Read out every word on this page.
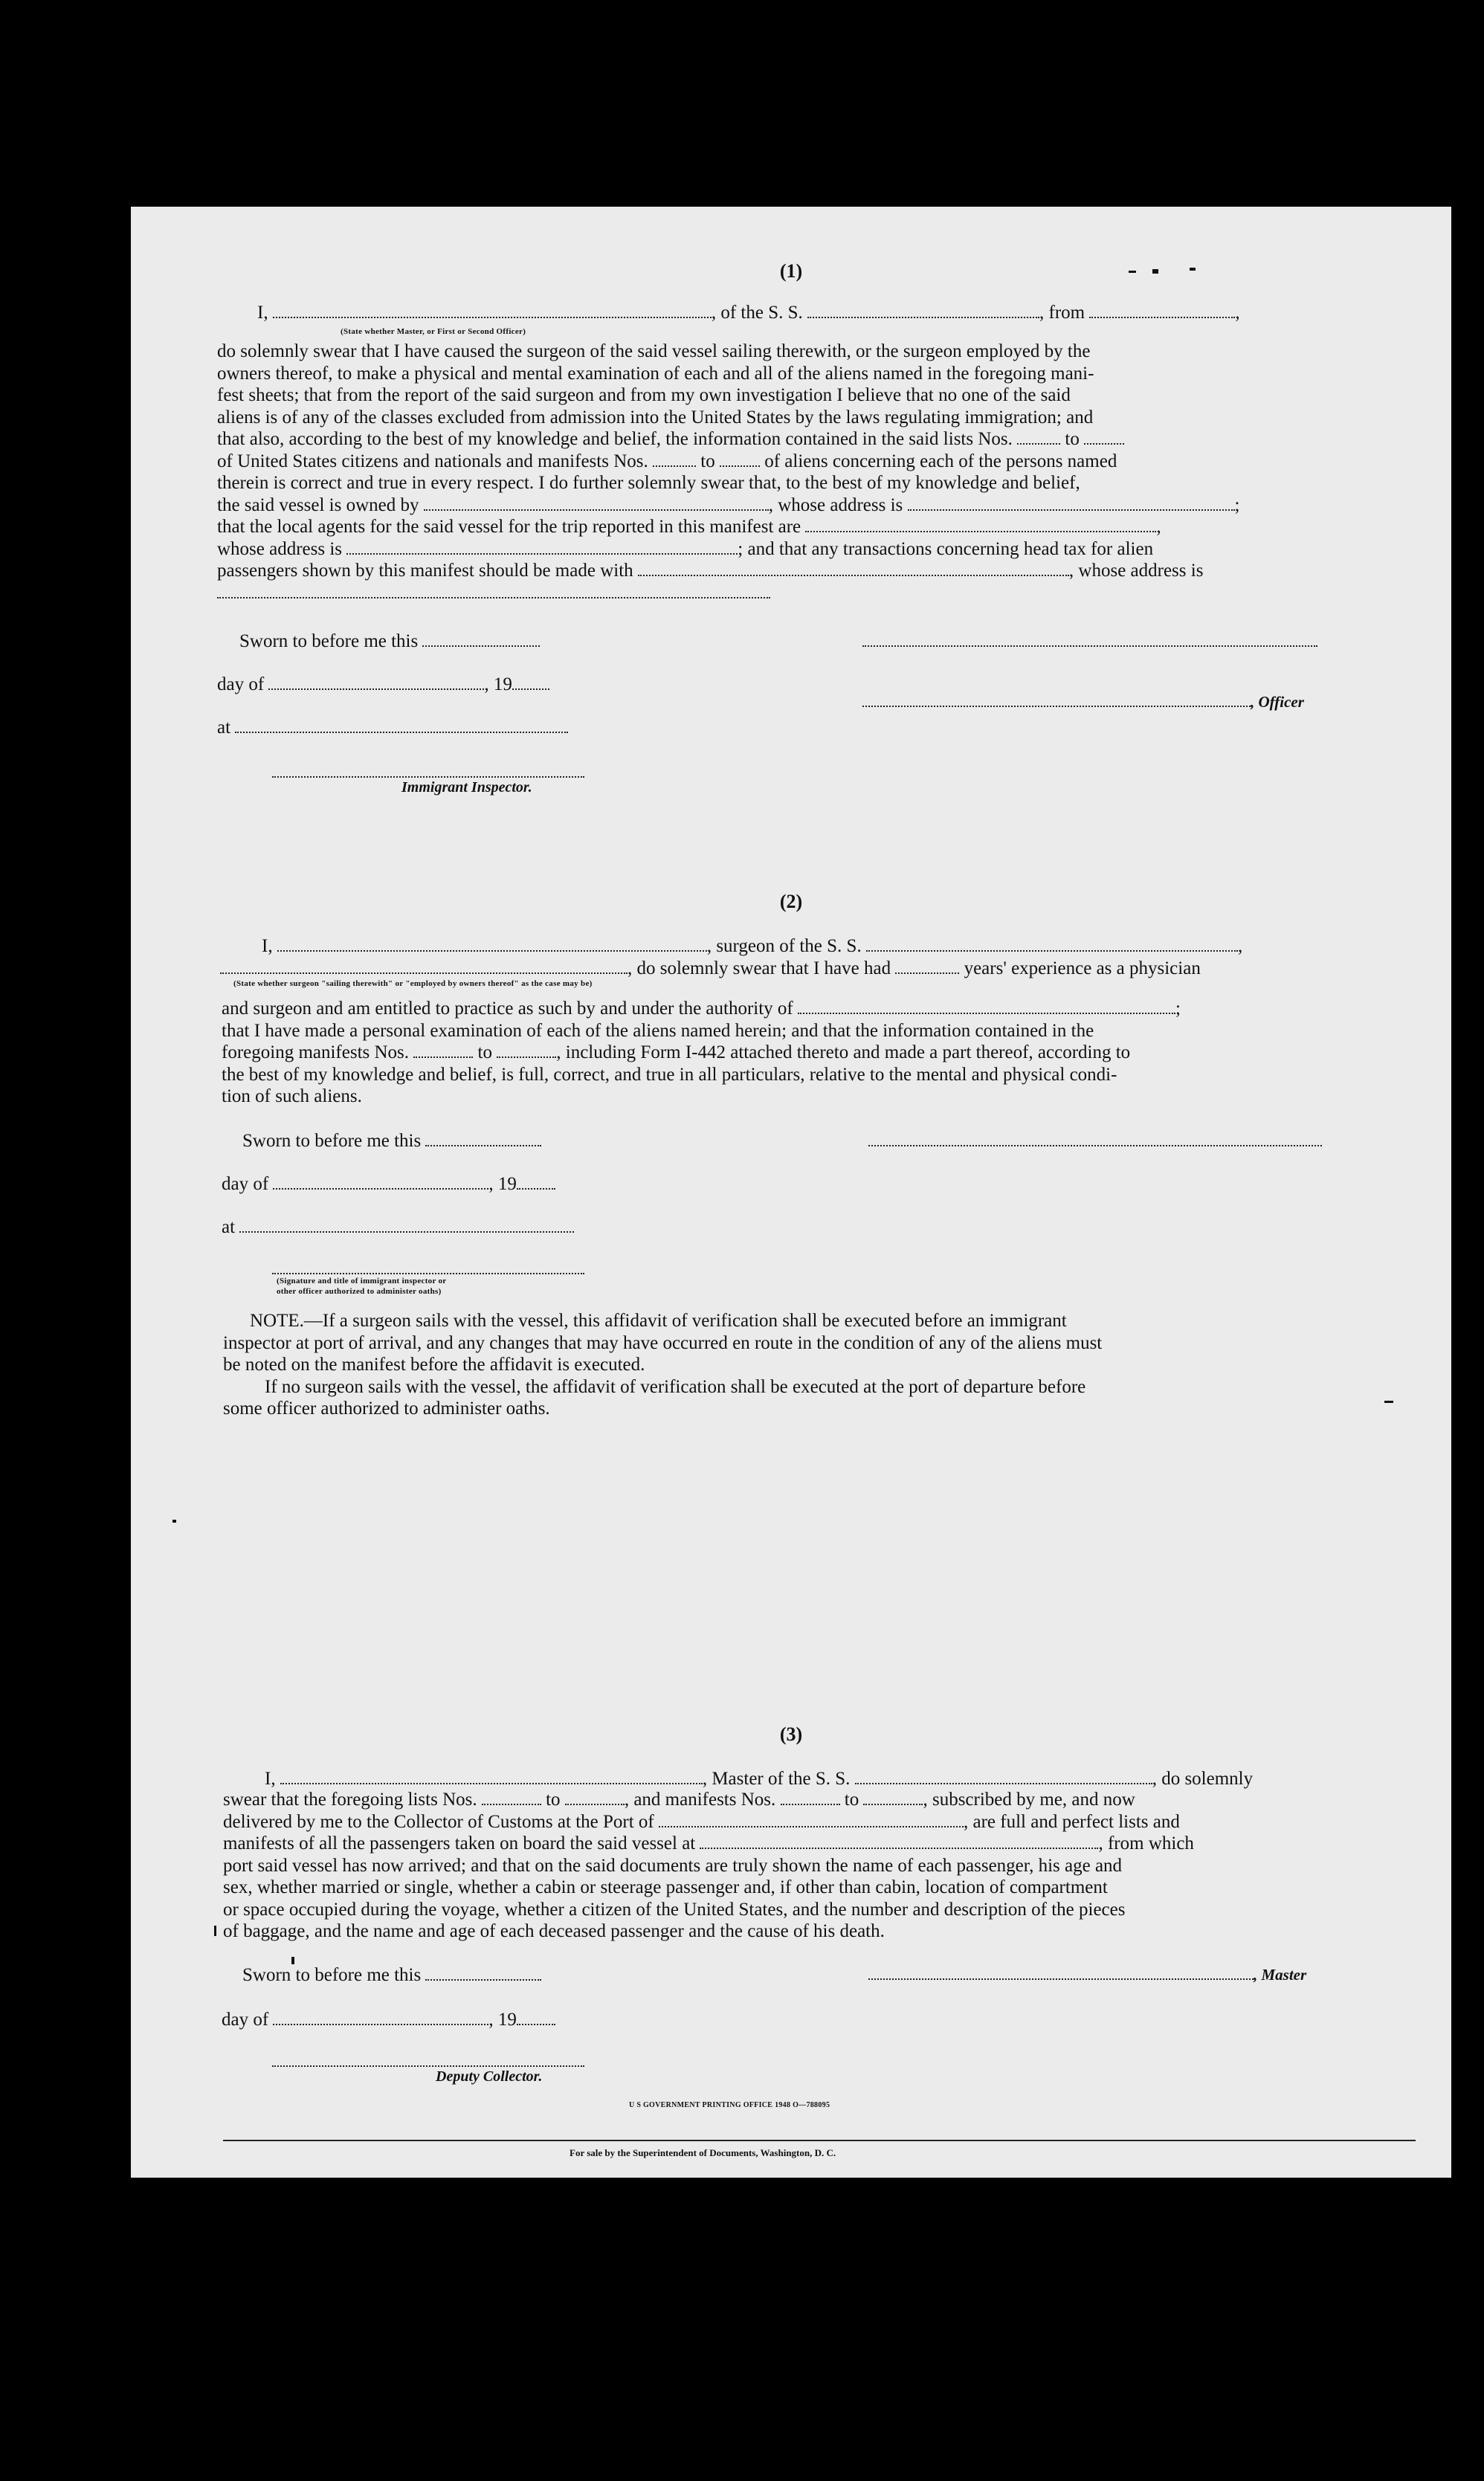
(1)
I,	, of the S. S.	, from	,
(State whether Master, or First or Second Officer)
do solemnly swear that I have caused the surgeon of the said vessel sailing therewith, or the surgeon employed by the
owners thereof, to make a physical and mental examination of each and all of the aliens named in the foregoing mani-
fest sheets; that from the report of the said surgeon and from my own investigation I believe that no one of the said
aliens is of any of the classes excluded from admission into the United States by the laws regulating immigration; and
that also, according to the best of my knowledge and belief, the information contained in the said lists Nos.	to
of United States citizens and nationals and manifests Nos.	to	of aliens concerning each of the persons named
therein is correct and true in every respect. I do further solemnly swear that, to the best of my knowledge and belief,
the said vessel is owned by	, whose address is	;
that the local agents for the said vessel for the trip reported in this manifest are	,
whose address is	; and that any transactions concerning head tax for alien
passengers shown by this manifest should be made with	, whose address is
Sworn to before me this
day of	, 19
, Officer
at
Immigrant Inspector.
(2)
I,	, surgeon of the S. S.	,
, do solemnly swear that I have had	years' experience as a physician
(State whether surgeon "sailing therewith" or "employed by owners thereof" as the case may be)
and surgeon and am entitled to practice as such by and under the authority of	;
that I have made a personal examination of each of the aliens named herein; and that the information contained in the
foregoing manifests Nos.	to	, including Form I-442 attached thereto and made a part thereof, according to
the best of my knowledge and belief, is full, correct, and true in all particulars, relative to the mental and physical condi-
tion of such aliens.
Sworn to before me this
day of	, 19
at
(Signature and title of immigrant inspector or
other officer authorized to administer oaths)
NOTE.—If a surgeon sails with the vessel, this affidavit of verification shall be executed before an immigrant
inspector at port of arrival, and any changes that may have occurred en route in the condition of any of the aliens must
be noted on the manifest before the affidavit is executed.
If no surgeon sails with the vessel, the affidavit of verification shall be executed at the port of departure before
some officer authorized to administer oaths.
(3)
I,	, Master of the S. S.	, do solemnly
swear that the foregoing lists Nos.	to	, and manifests Nos.	to	, subscribed by me, and now
delivered by me to the Collector of Customs at the Port of	, are full and perfect lists and
manifests of all the passengers taken on board the said vessel at	, from which
port said vessel has now arrived; and that on the said documents are truly shown the name of each passenger, his age and
sex, whether married or single, whether a cabin or steerage passenger and, if other than cabin, location of compartment
or space occupied during the voyage, whether a citizen of the United States, and the number and description of the pieces
of baggage, and the name and age of each deceased passenger and the cause of his death.
Sworn to before me this	, Master
day of	, 19
Deputy Collector.
U S GOVERNMENT PRINTING OFFICE 1948 O—788095
For sale by the Superintendent of Documents, Washington, D. C.
